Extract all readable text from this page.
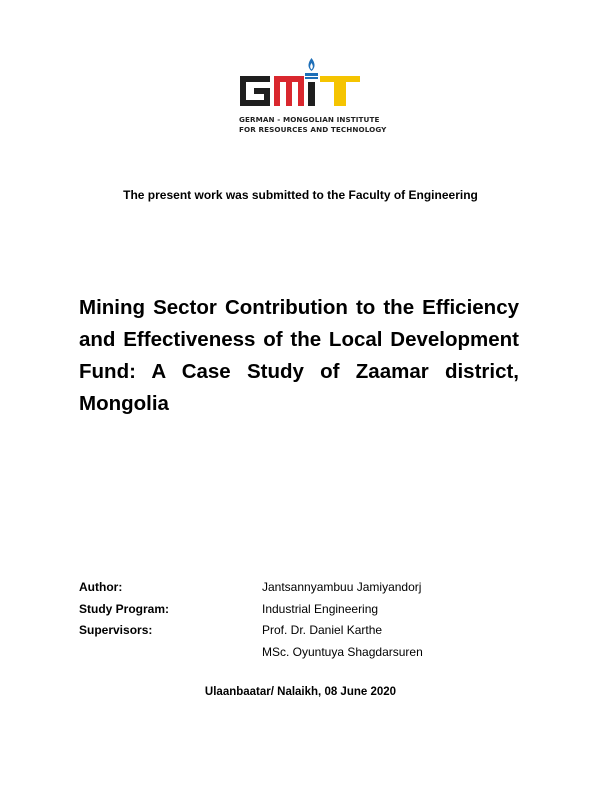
GERMAN - MONGOLIAN INSTITUTE
FOR RESOURCES AND TECHNOLOGY
The present work was submitted to the Faculty of Engineering
Mining Sector Contribution to the Efficiency
and Effectiveness of the Local Development
Fund: A Case Study of Zaamar district,
Mongolia
Author:	Jantsannyambuu Jamiyandorj
Study Program:	Industrial Engineering
Supervisors:	Prof. Dr. Daniel Karthe
MSc. Oyuntuya Shagdarsuren
Ulaanbaatar/ Nalaikh, 08 June 2020
